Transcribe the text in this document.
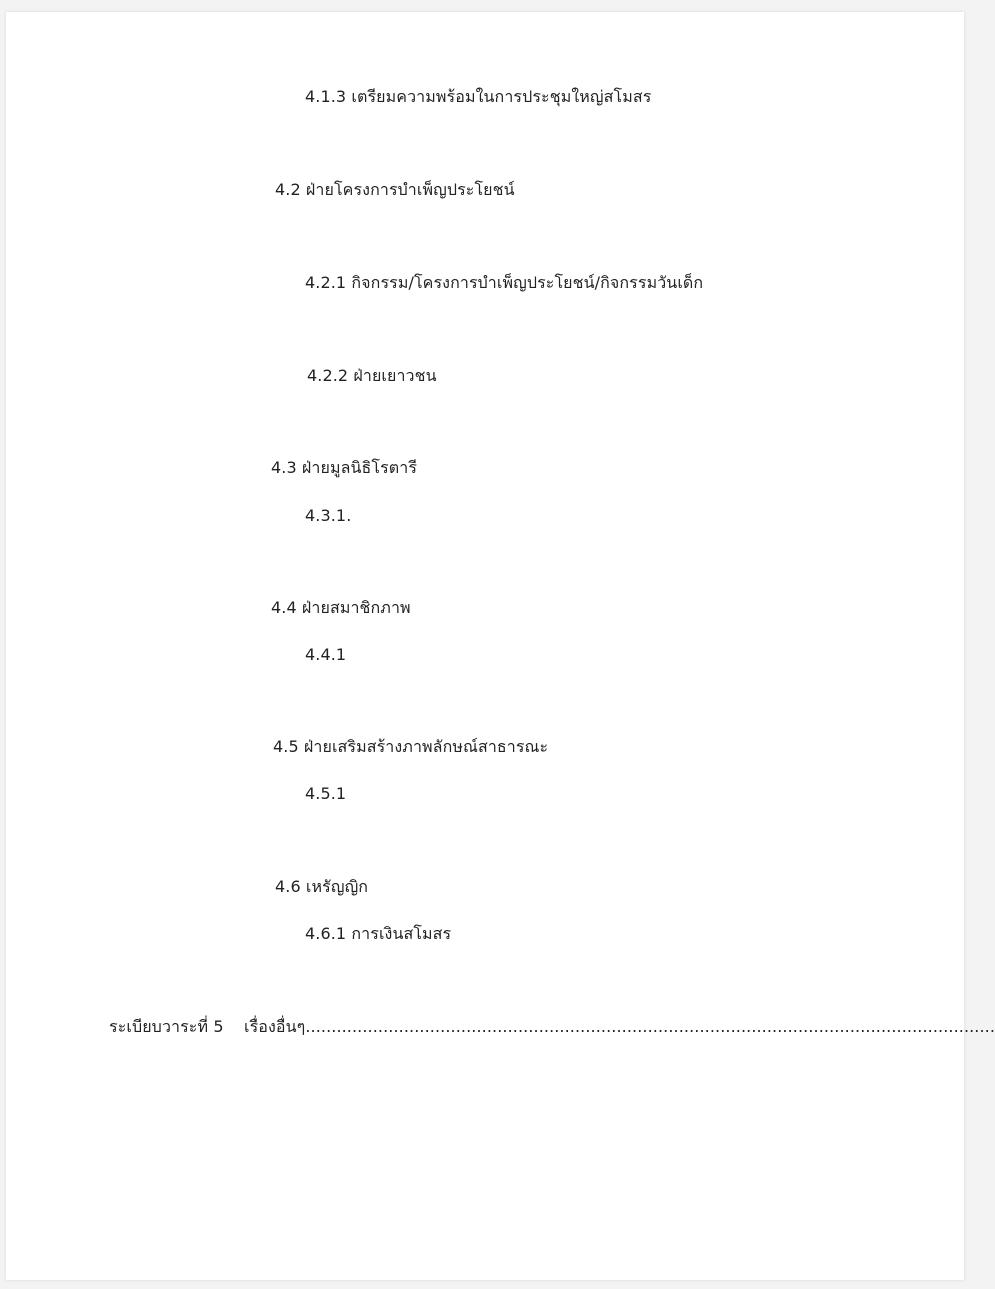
4.1.3 เตรียมความพร้อมในการประชุมใหญ่สโมสร
4.2 ฝ่ายโครงการบำเพ็ญประโยชน์
4.2.1 กิจกรรม/โครงการบำเพ็ญประโยชน์/กิจกรรมวันเด็ก
4.2.2 ฝ่ายเยาวชน
4.3 ฝ่ายมูลนิธิโรตารี
4.3.1.
4.4 ฝ่ายสมาชิกภาพ
4.4.1
4.5 ฝ่ายเสริมสร้างภาพลักษณ์สาธารณะ
4.5.1
4.6 เหรัญญิก
4.6.1 การเงินสโมสร
ระเบียบวาระที่ 5 เรื่องอื่นๆ.....................................................................................................................................
